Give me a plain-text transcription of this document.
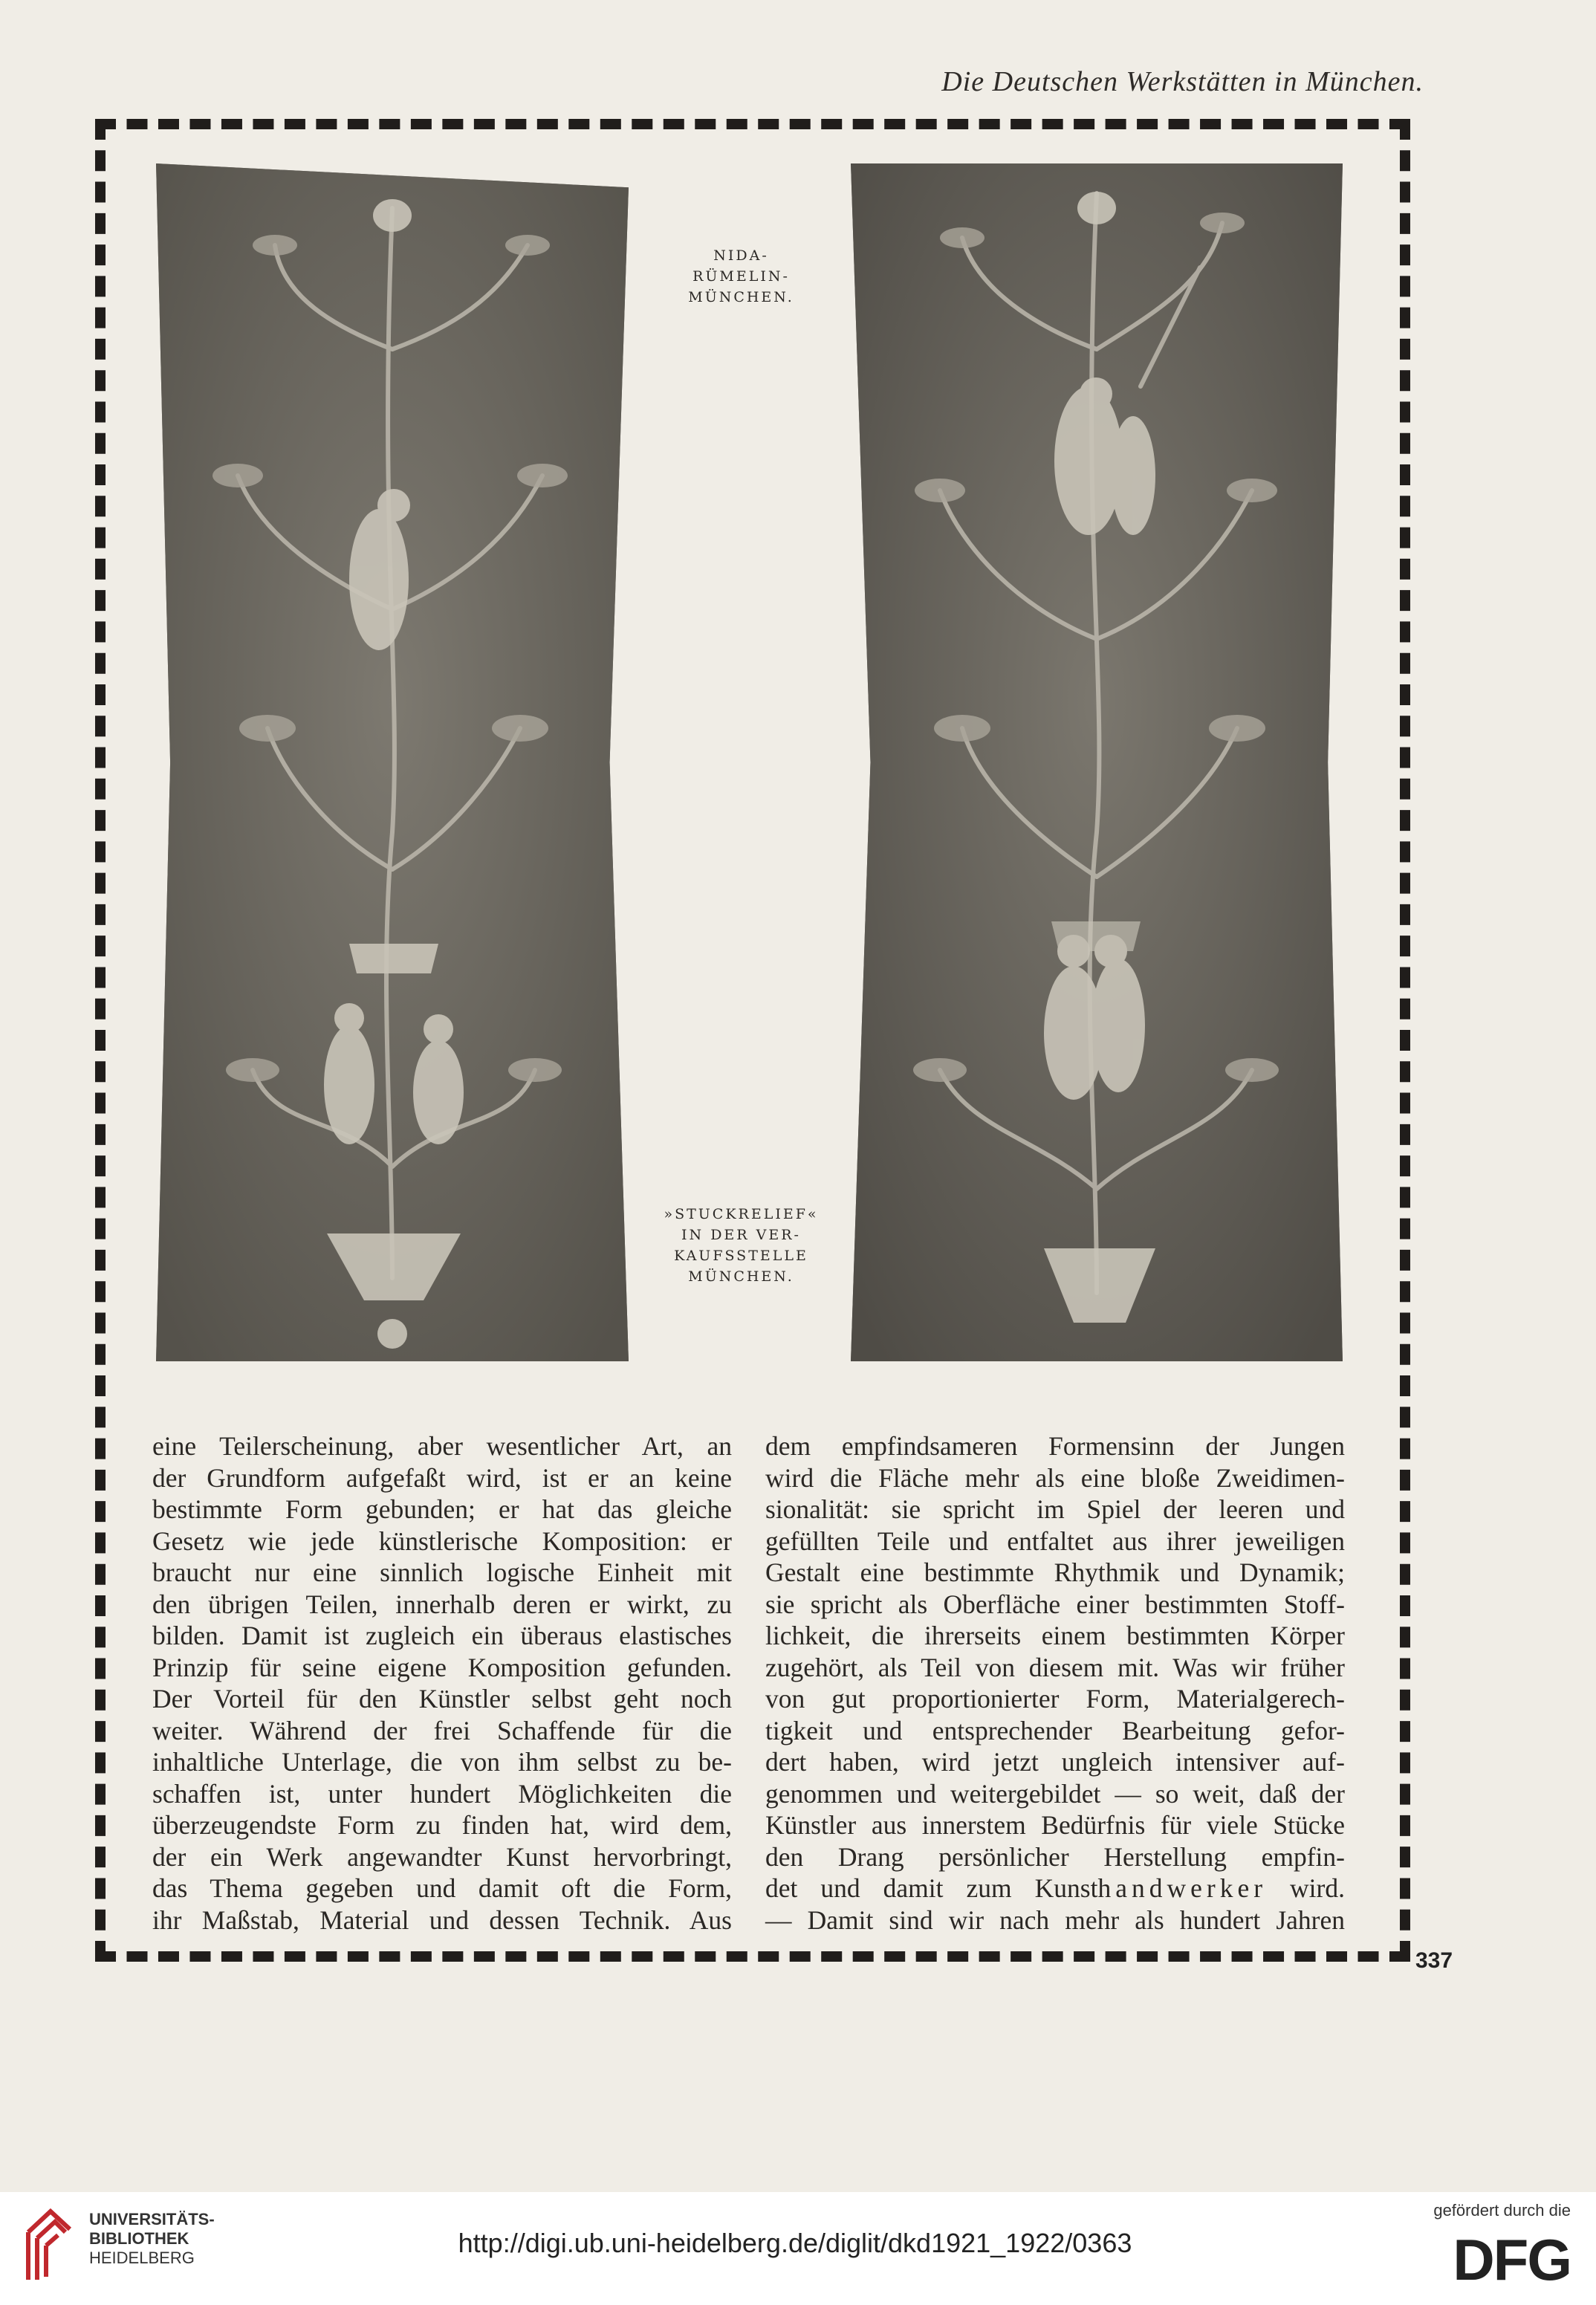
Die Deutschen Werkstätten in München.
NIDA-
RÜMELIN-
MÜNCHEN.
»STUCKRELIEF«
IN DER VER-
KAUFSSTELLE
MÜNCHEN.

eine Teilerscheinung, aber wesentlicher Art, an

der Grundform aufgefaßt wird, ist er an keine

bestimmte Form gebunden; er hat das gleiche

Gesetz wie jede künstlerische Komposition: er

braucht nur eine sinnlich logische Einheit mit

den übrigen Teilen, innerhalb deren er wirkt, zu

bilden. Damit ist zugleich ein überaus elastisches

Prinzip für seine eigene Komposition gefunden.

Der Vorteil für den Künstler selbst geht noch

weiter. Während der frei Schaffende für die

inhaltliche Unterlage, die von ihm selbst zu be-

schaffen ist, unter hundert Möglichkeiten die

überzeugendste Form zu finden hat, wird dem,

der ein Werk angewandter Kunst hervorbringt,

das Thema gegeben und damit oft die Form,

ihr Maßstab, Material und dessen Technik. Aus

dem empfindsameren Formensinn der Jungen

wird die Fläche mehr als eine bloße Zweidimen-

sionalität: sie spricht im Spiel der leeren und

gefüllten Teile und entfaltet aus ihrer jeweiligen

Gestalt eine bestimmte Rhythmik und Dynamik;

sie spricht als Oberfläche einer bestimmten Stoff-

lichkeit, die ihrerseits einem bestimmten Körper

zugehört, als Teil von diesem mit. Was wir früher

von gut proportionierter Form, Materialgerech-

tigkeit und entsprechender Bearbeitung gefor-

dert haben, wird jetzt ungleich intensiver auf-

genommen und weitergebildet — so weit, daß der

Künstler aus innerstem Bedürfnis für viele Stücke

den Drang persönlicher Herstellung empfin-

det und damit zum Kunsthandwerker wird.

— Damit sind wir nach mehr als hundert Jahren

337
UNIVERSITÄTS-
BIBLIOTHEK
HEIDELBERG	http://digi.ub.uni-heidelberg.de/diglit/dkd1921_1922/0363
gefördert durch die
DFG
